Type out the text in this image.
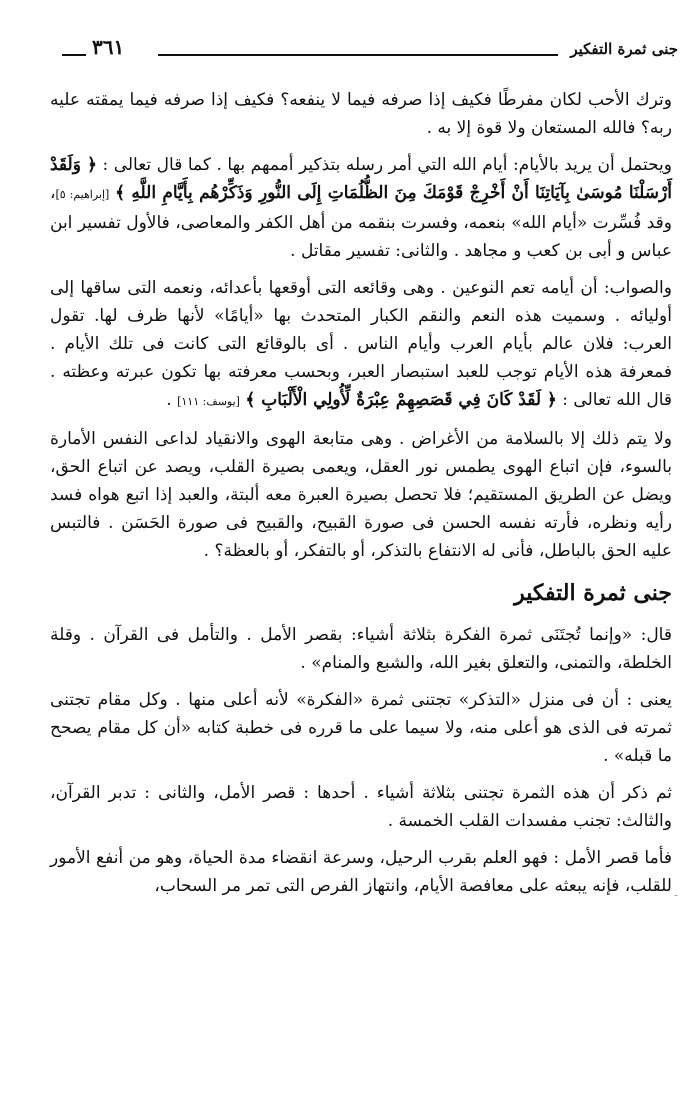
جنى ثمرة التفكير
٣٦١

وترك الأحب لكان مفرطًا فكيف إذا صرفه فيما لا ينفعه؟ فكيف إذا صرفه فيما يمقته عليه ربه؟ فالله المستعان ولا قوة إلا به .

ويحتمل أن يريد بالأيام: أيام الله التي أمر رسله بتذكير أممهم بها . كما قال تعالى : ﴿ وَلَقَدْ أَرْسَلْنَا مُوسَىٰ بِآيَاتِنَا أَنْ أَخْرِجْ قَوْمَكَ مِنَ الظُّلُمَاتِ إِلَى النُّورِ وَذَكِّرْهُم بِأَيَّامِ اللَّهِ ﴾ [إبراهيم: ٥]، وقد فُسِّرت «أيام الله» بنعمه، وفسرت بنقمه من أهل الكفر والمعاصى، فالأول تفسير ابن عباس و أبى بن كعب و مجاهد . والثانى: تفسير مقاتل .

والصواب: أن أيامه تعم النوعين . وهى وقائعه التى أوقعها بأعدائه، ونعمه التى ساقها إلى أوليائه . وسميت هذه النعم والنقم الكبار المتحدث بها «أيامًا» لأنها ظرف لها. تقول العرب: فلان عالم بأيام العرب وأيام الناس . أى بالوقائع التى كانت فى تلك الأيام . فمعرفة هذه الأيام توجب للعبد استبصار العبر، وبحسب معرفته بها تكون عبرته وعظته . قال الله تعالى : ﴿ لَقَدْ كَانَ فِي قَصَصِهِمْ عِبْرَةٌ لِّأُولِي الْأَلْبَابِ ﴾ [يوسف: ١١١] .

ولا يتم ذلك إلا بالسلامة من الأغراض . وهى متابعة الهوى والانقياد لداعى النفس الأمارة بالسوء، فإن اتباع الهوى يطمس نور العقل، ويعمى بصيرة القلب، ويصد عن اتباع الحق، ويضل عن الطريق المستقيم؛ فلا تحصل بصيرة العبرة معه ألبتة، والعبد إذا اتبع هواه فسد رأيه ونظره، فأرته نفسه الحسن فى صورة القبيح، والقبيح فى صورة الحَسَن . فالتبس عليه الحق بالباطل، فأنى له الانتفاع بالتذكر، أو بالتفكر، أو بالعظة؟ .

جنى ثمرة التفكير

قال: «وإنما تُجتَنَى ثمرة الفكرة بثلاثة أشياء: بقصر الأمل . والتأمل فى القرآن . وقلة الخلطة، والتمنى، والتعلق بغير الله، والشبع والمنام» .

يعنى : أن فى منزل «التذكر» تجتنى ثمرة «الفكرة» لأنه أعلى منها . وكل مقام تجتنى ثمرته فى الذى هو أعلى منه، ولا سيما على ما قرره فى خطبة كتابه «أن كل مقام يصحح ما قبله» .

ثم ذكر أن هذه الثمرة تجتنى بثلاثة أشياء . أحدها : قصر الأمل، والثانى : تدبر القرآن، والثالث: تجنب مفسدات القلب الخمسة .

فأما قصر الأمل : فهو العلم بقرب الرحيل، وسرعة انقضاء مدة الحياة، وهو من أنفع الأمور للقلب، فإنه يبعثه على معافصة الأيام، وانتهاز الفرص التى تمر مر السحاب، -
